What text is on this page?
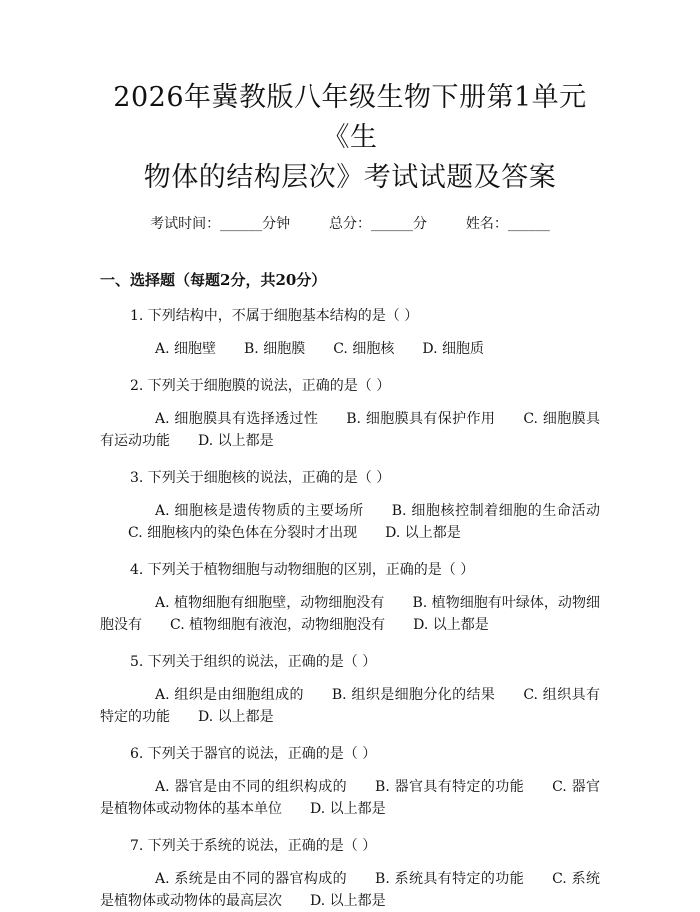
2026年冀教版八年级生物下册第1单元《生
物体的结构层次》考试试题及答案
考试时间：______分钟	总分：______分	姓名：______
一、选择题（每题2分，共20分）
1. 下列结构中，不属于细胞基本结构的是（ ）
A. 细胞壁 B. 细胞膜 C. 细胞核 D. 细胞质
2. 下列关于细胞膜的说法，正确的是（ ）
A. 细胞膜具有选择透过性 B. 细胞膜具有保护作用 C. 细胞膜具有运动功能 D. 以上都是
3. 下列关于细胞核的说法，正确的是（ ）
A. 细胞核是遗传物质的主要场所 B. 细胞核控制着细胞的生命活动C. 细胞核内的染色体在分裂时才出现 D. 以上都是
4. 下列关于植物细胞与动物细胞的区别，正确的是（ ）
A. 植物细胞有细胞壁，动物细胞没有 B. 植物细胞有叶绿体，动物细胞没有 C. 植物细胞有液泡，动物细胞没有 D. 以上都是
5. 下列关于组织的说法，正确的是（ ）
A. 组织是由细胞组成的 B. 组织是细胞分化的结果 C. 组织具有特定的功能 D. 以上都是
6. 下列关于器官的说法，正确的是（ ）
A. 器官是由不同的组织构成的 B. 器官具有特定的功能 C. 器官是植物体或动物体的基本单位 D. 以上都是
7. 下列关于系统的说法，正确的是（ ）
A. 系统是由不同的器官构成的 B. 系统具有特定的功能 C. 系统是植物体或动物体的最高层次 D. 以上都是
